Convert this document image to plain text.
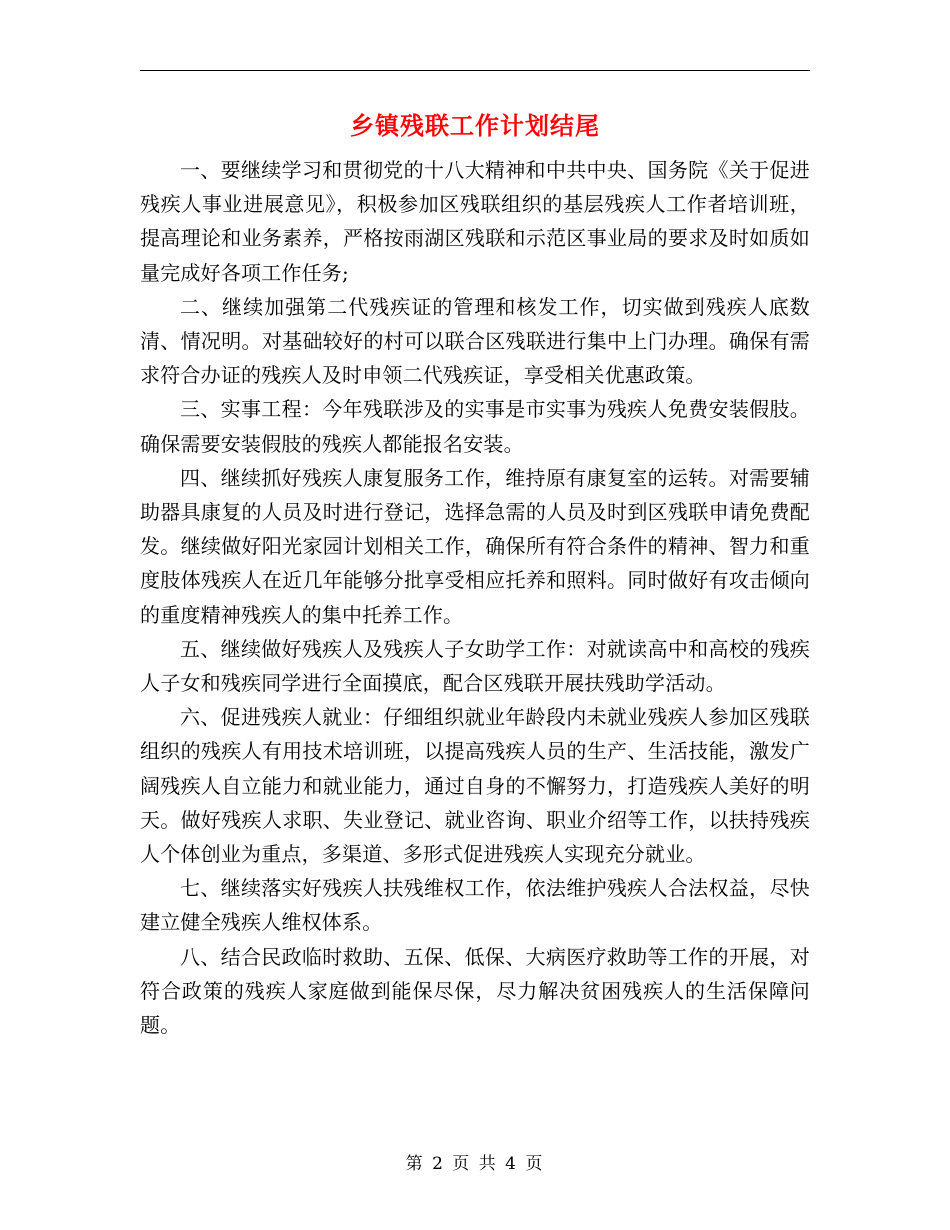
乡镇残联工作计划结尾

一、要继续学习和贯彻党的十八大精神和中共中央、国务院《关于促进残疾人事业进展意见》，积极参加区残联组织的基层残疾人工作者培训班，提高理论和业务素养，严格按雨湖区残联和示范区事业局的要求及时如质如量完成好各项工作任务;

二、继续加强第二代残疾证的管理和核发工作，切实做到残疾人底数清、情况明。对基础较好的村可以联合区残联进行集中上门办理。确保有需求符合办证的残疾人及时申领二代残疾证，享受相关优惠政策。

三、实事工程：今年残联涉及的实事是市实事为残疾人免费安装假肢。确保需要安装假肢的残疾人都能报名安装。

四、继续抓好残疾人康复服务工作，维持原有康复室的运转。对需要辅助器具康复的人员及时进行登记，选择急需的人员及时到区残联申请免费配发。继续做好阳光家园计划相关工作，确保所有符合条件的精神、智力和重度肢体残疾人在近几年能够分批享受相应托养和照料。同时做好有攻击倾向的重度精神残疾人的集中托养工作。

五、继续做好残疾人及残疾人子女助学工作：对就读高中和高校的残疾人子女和残疾同学进行全面摸底，配合区残联开展扶残助学活动。

六、促进残疾人就业：仔细组织就业年龄段内未就业残疾人参加区残联组织的残疾人有用技术培训班，以提高残疾人员的生产、生活技能，激发广阔残疾人自立能力和就业能力，通过自身的不懈努力，打造残疾人美好的明天。做好残疾人求职、失业登记、就业咨询、职业介绍等工作，以扶持残疾人个体创业为重点，多渠道、多形式促进残疾人实现充分就业。

七、继续落实好残疾人扶残维权工作，依法维护残疾人合法权益，尽快建立健全残疾人维权体系。

八、结合民政临时救助、五保、低保、大病医疗救助等工作的开展，对符合政策的残疾人家庭做到能保尽保，尽力解决贫困残疾人的生活保障问题。

第 2 页 共 4 页
